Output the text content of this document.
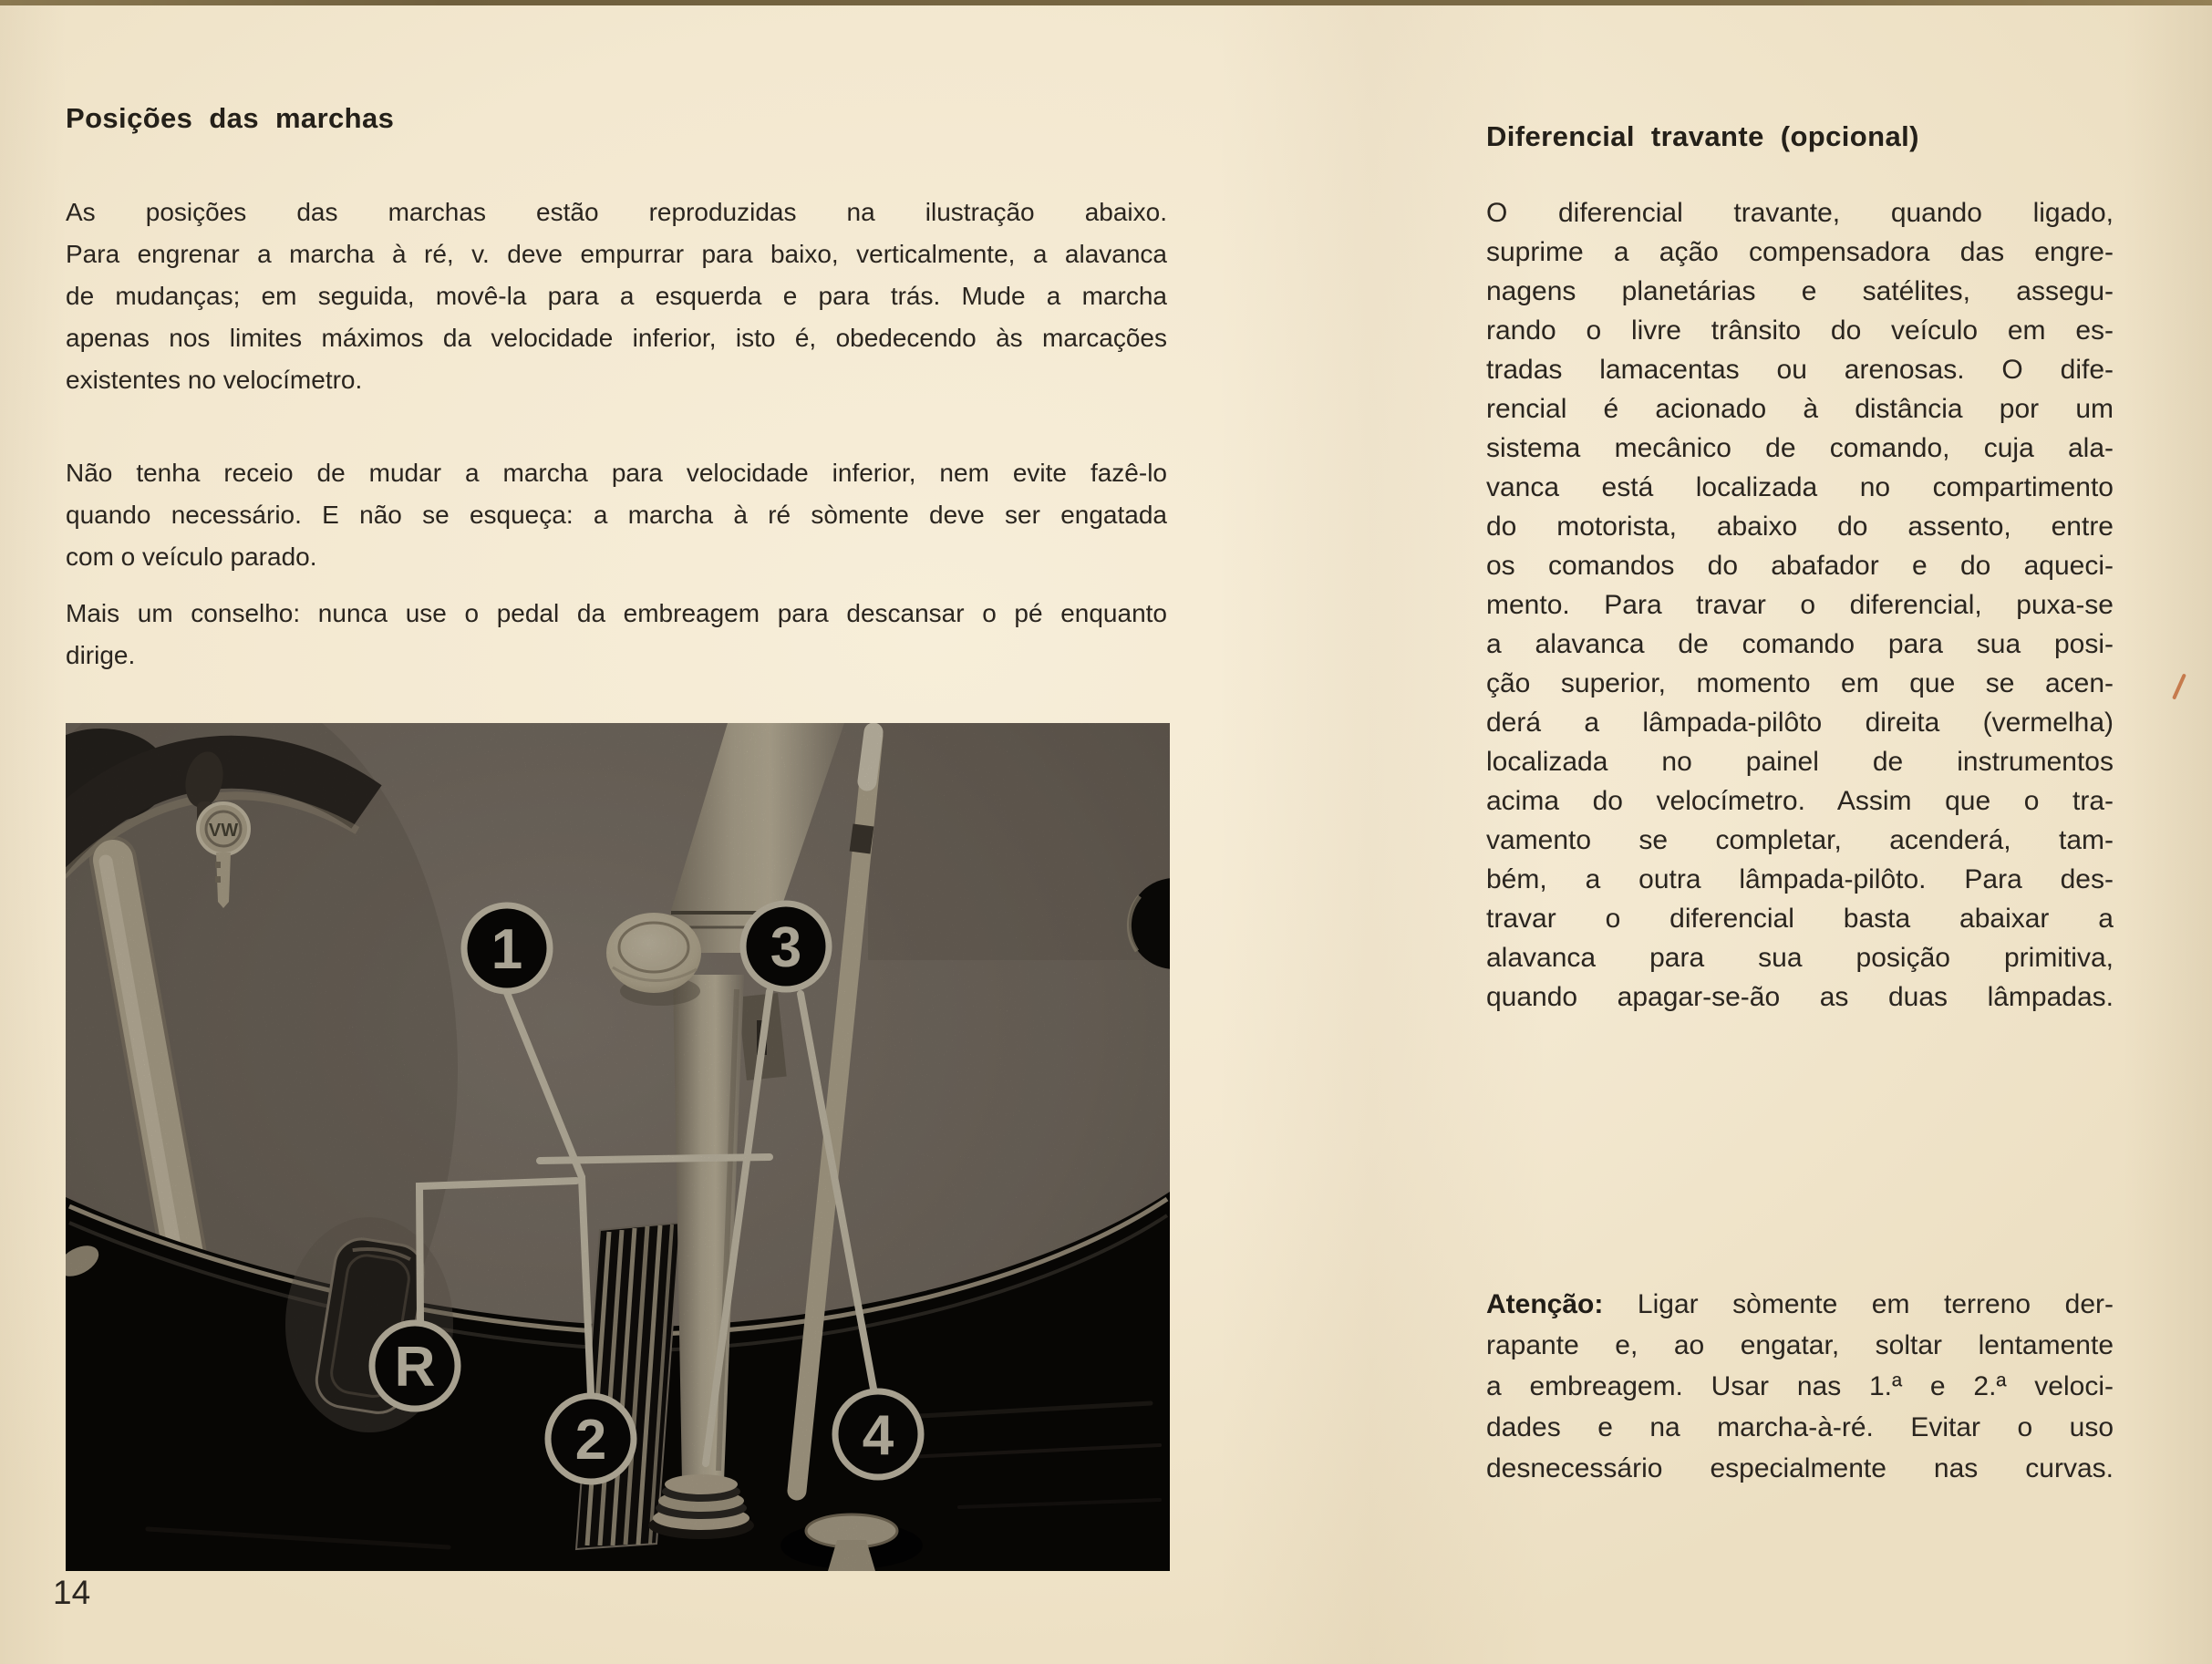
Posições das marchas
As posições das marchas estão reproduzidas na ilustração abaixo.
Para engrenar a marcha à ré, v. deve empurrar para baixo, verticalmente, a alavanca
de mudanças; em seguida, movê-la para a esquerda e para trás. Mude a marcha
apenas nos limites máximos da velocidade inferior, isto é, obedecendo às marcações
existentes no velocímetro.
Não tenha receio de mudar a marcha para velocidade inferior, nem evite fazê-lo
quando necessário. E não se esqueça: a marcha à ré sòmente deve ser engatada
com o veículo parado.
Mais um conselho: nunca use o pedal da embreagem para descansar o pé enquanto
dirige.
Diferencial travante (opcional)
O diferencial travante, quando ligado,
suprime a ação compensadora das engre-
nagens planetárias e satélites, assegu-
rando o livre trânsito do veículo em es-
tradas lamacentas ou arenosas. O dife-
rencial é acionado à distância por um
sistema mecânico de comando, cuja ala-
vanca está localizada no compartimento
do motorista, abaixo do assento, entre
os comandos do abafador e do aqueci-
mento. Para travar o diferencial, puxa-se
a alavanca de comando para sua posi-
ção superior, momento em que se acen-
derá a lâmpada-pilôto direita (vermelha)
localizada no painel de instrumentos
acima do velocímetro. Assim que o tra-
vamento se completar, acenderá, tam-
bém, a outra lâmpada-pilôto. Para des-
travar o diferencial basta abaixar a
alavanca para sua posição primitiva,
quando apagar-se-ão as duas lâmpadas.
Atenção: Ligar sòmente em terreno der-
rapante e, ao engatar, soltar lentamente
a embreagem. Usar nas 1.ª e 2.ª veloci-
dades e na marcha-à-ré. Evitar o uso
desnecessário especialmente nas curvas.
14
VW
1	3
R
2	4
